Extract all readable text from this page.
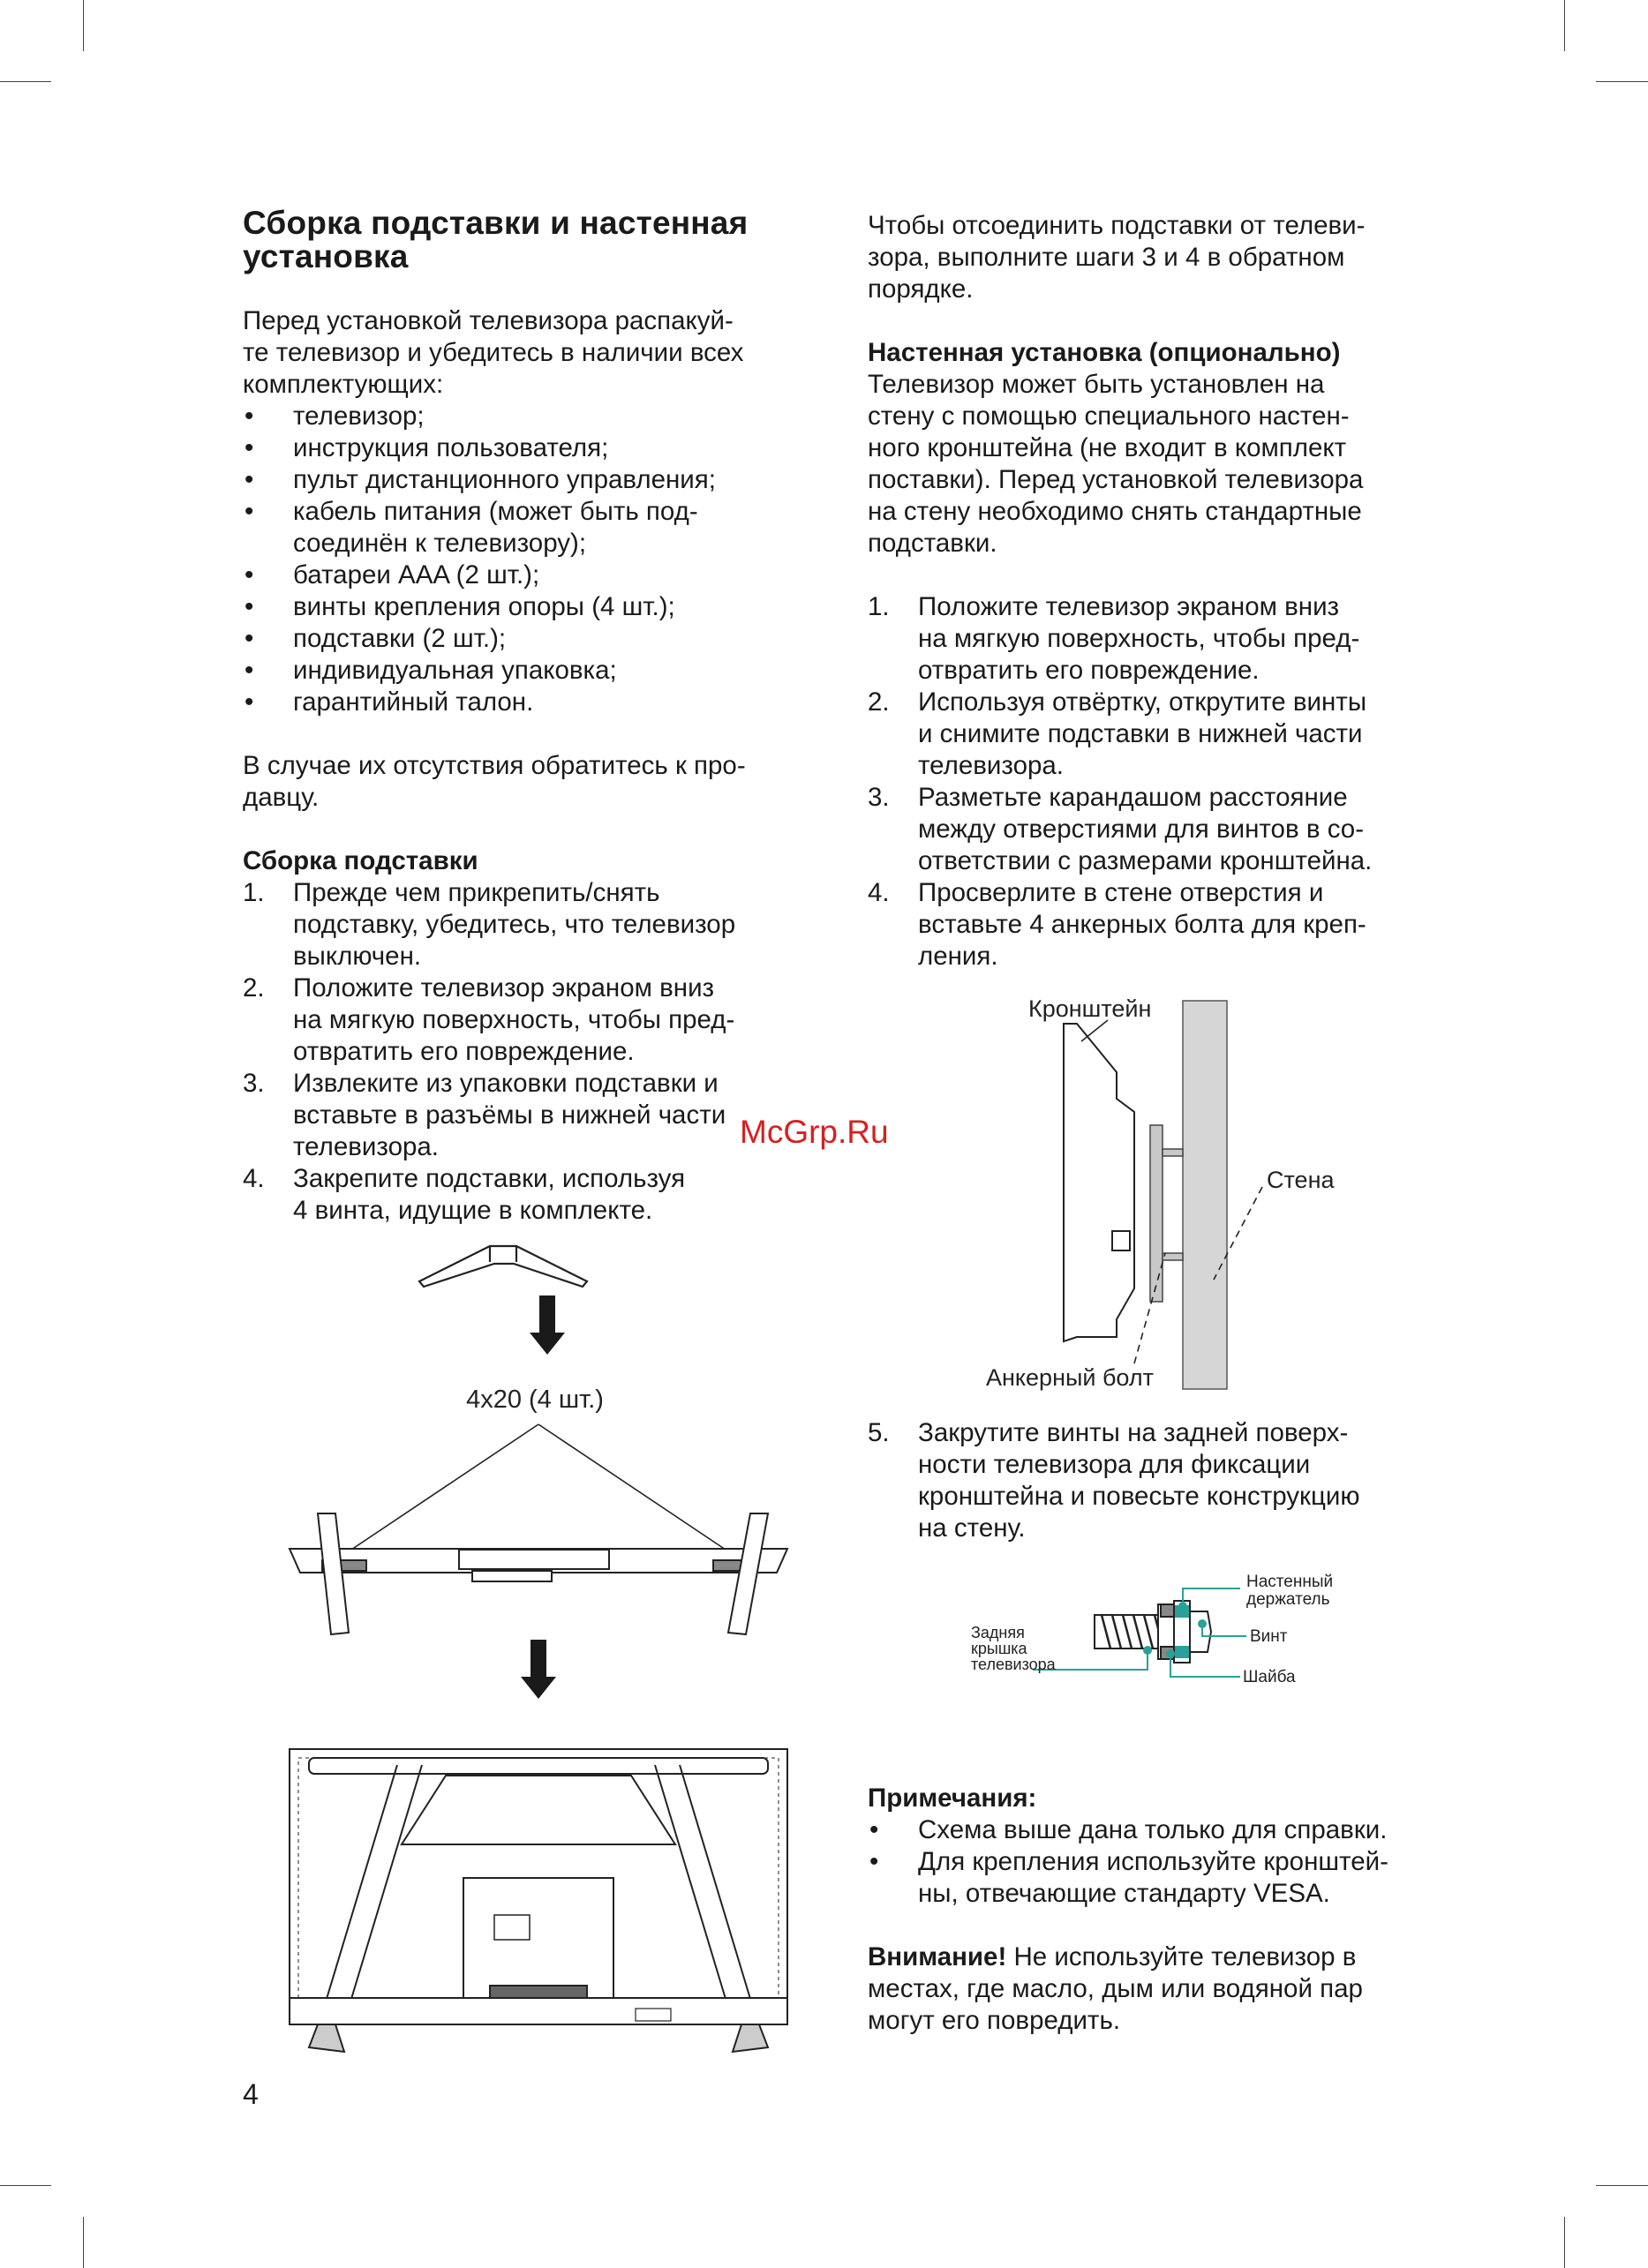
Сборка подставки и настенная установка

Перед установкой телевизора распакуй-

те телевизор и убедитесь в наличии всех

комплектующих:

• телевизор;
• инструкция пользователя;
• пульт дистанционного управления;
• кабель питания (может быть под-
соединён к телевизору);
• батареи AAA (2 шт.);
• винты крепления опоры (4 шт.);
• подставки (2 шт.);
• индивидуальная упаковка;
• гарантийный талон.

В случае их отсутствия обратитесь к про-

давцу.

Сборка подставки
1. Прежде чем прикрепить/снять
подставку, убедитесь, что телевизор
выключен.
2. Положите телевизор экраном вниз
на мягкую поверхность, чтобы пред-
отвратить его повреждение.
3. Извлеките из упаковки подставки и
вставьте в разъёмы в нижней части
телевизора.
4. Закрепите подставки, используя
4 винта, идущие в комплекте.
4x20 (4 шт.)

Чтобы отсоединить подставки от телеви-

зора, выполните шаги 3 и 4 в обратном

порядке.

Настенная установка (опционально)

Телевизор может быть установлен на

стену с помощью специального настен-

ного кронштейна (не входит в комплект

поставки). Перед установкой телевизора

на стену необходимо снять стандартные

подставки.

1. Положите телевизор экраном вниз
на мягкую поверхность, чтобы пред-
отвратить его повреждение.
2. Используя отвёртку, открутите винты
и снимите подставки в нижней части
телевизора.
3. Разметьте карандашом расстояние
между отверстиями для винтов в со-
ответствии с размерами кронштейна.
4. Просверлите в стене отверстия и
вставьте 4 анкерных болта для креп-
ления.
Кронштейн
Стена
Анкерный болт
5. Закрутите винты на задней поверх-
ности телевизора для фиксации
кронштейна и повесьте конструкцию
на стену.
Настенный
держатель
Винт
Шайба
Задняя
крышка
телевизора
Примечания:
• Схема выше дана только для справки.
• Для крепления используйте кронштей-
ны, отвечающие стандарту VESA.

Внимание! Не используйте телевизор в

местах, где масло, дым или водяной пар

могут его повредить.

McGrp.Ru
4
